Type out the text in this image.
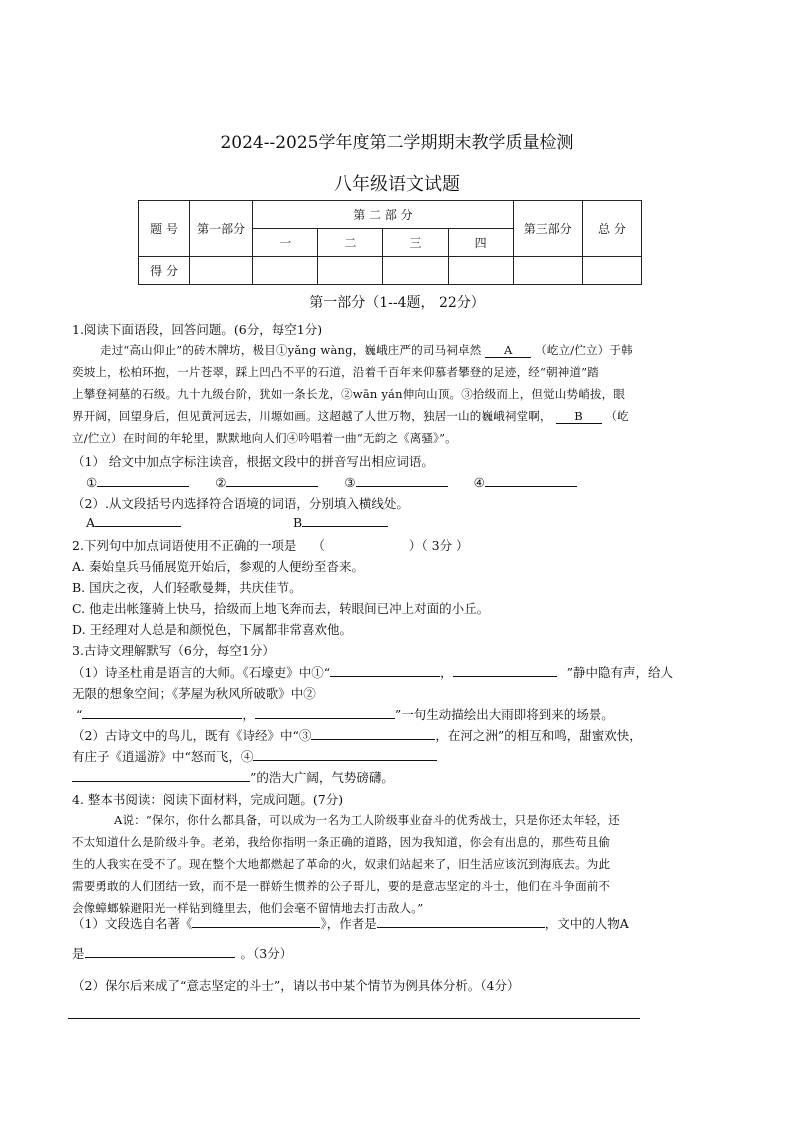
2024--2025学年度第二学期期末教学质量检测
八年级语文试题
题 号	第一部分	第 二 部 分				第三部分	总 分
		一	二	三	四		
得 分							
第一部分（1--4题， 22分）
1.阅读下面语段，回答问题。(6分，每空1分)
走过“高山仰止”的砖木牌坊，极目①yǎng wàng，巍峨庄严的司马祠卓然 A （屹立/伫立）于韩
奕坡上，松柏环抱，一片苍翠，踩上凹凸不平的石道，沿着千百年来仰慕者攀登的足迹，经“朝神道”踏
上攀登祠墓的石级。九十九级台阶，犹如一条长龙，②wān yán伸向山顶。③拾级而上，但觉山势峭拔，眼
界开阔，回望身后，但见黄河远去，川塬如画。这超越了人世万物，独居一山的巍峨祠堂啊， B （屹
立/伫立）在时间的年轮里，默默地向人们④吟唱着一曲“无韵之《离骚》”。
（1） 给文中加点字标注读音，根据文段中的拼音写出相应词语。
①	②	③	④
（2）.从文段括号内选择符合语境的词语，分别填入横线处。
A	B
2.下列句中加点词语使用不正确的一项是 （	）（ 3分 ）
A. 秦始皇兵马俑展览开始后，参观的人便纷至沓来。
B. 国庆之夜，人们轻歌曼舞，共庆佳节。
C. 他走出帐篷骑上快马，拾级而上地飞奔而去，转眼间已冲上对面的小丘。
D. 王经理对人总是和颜悦色，下属都非常喜欢他。
3.古诗文理解默写（6分，每空1分）
（1）诗圣杜甫是语言的大师。《石壕吏》中①“	，	”静中隐有声，给人
无限的想象空间；《茅屋为秋风所破歌》中②
“	，	”一句生动描绘出大雨即将到来的场景。
（2）古诗文中的鸟儿，既有《诗经》中“③	，在河之洲”的相互和鸣，甜蜜欢快，
有庄子《逍遥游》中“怒而飞，④
”的浩大广阔，气势磅礴。
4. 整本书阅读：阅读下面材料，完成问题。(7分)
A说：“保尔，你什么都具备，可以成为一名为工人阶级事业奋斗的优秀战士，只是你还太年轻，还
不太知道什么是阶级斗争。老弟，我给你指明一条正确的道路，因为我知道，你会有出息的，那些苟且偷
生的人我实在受不了。现在整个大地都燃起了革命的火，奴隶们站起来了，旧生活应该沉到海底去。为此
需要勇敢的人们团结一致，而不是一群娇生惯养的公子哥儿，要的是意志坚定的斗士，他们在斗争面前不
会像蟑螂躲避阳光一样钻到缝里去，他们会毫不留情地去打击敌人。”
（1）文段选自名著《	》，作者是	，文中的人物A
是	。（3分）
（2）保尔后来成了“意志坚定的斗士”，请以书中某个情节为例具体分析。（4分）
